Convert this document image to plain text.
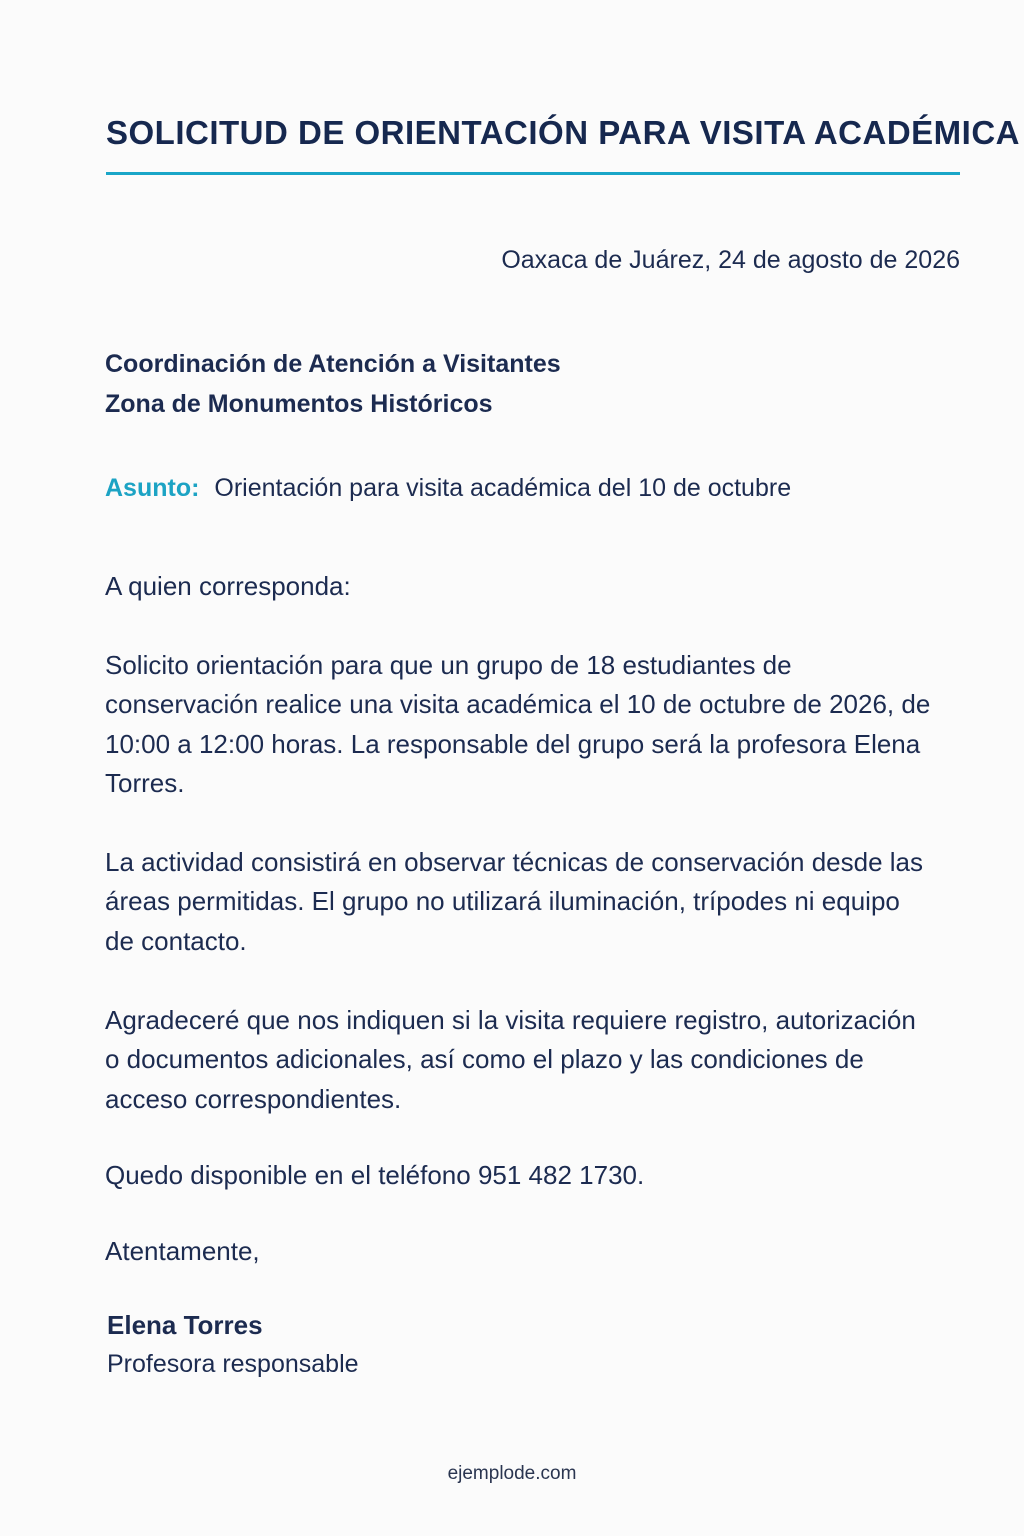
SOLICITUD DE ORIENTACIÓN PARA VISITA ACADÉMICA
Oaxaca de Juárez, 24 de agosto de 2026
Coordinación de Atención a Visitantes
Zona de Monumentos Históricos
Asunto: Orientación para visita académica del 10 de octubre

A quien corresponda:

Solicito orientación para que un grupo de 18 estudiantes de conservación realice una visita académica el 10 de octubre de 2026, de 10:00 a 12:00 horas. La responsable del grupo será la profesora Elena Torres.

La actividad consistirá en observar técnicas de conservación desde las áreas permitidas. El grupo no utilizará iluminación, trípodes ni equipo de contacto.

Agradeceré que nos indiquen si la visita requiere registro, autorización o documentos adicionales, así como el plazo y las condiciones de acceso correspondientes.

Quedo disponible en el teléfono 951 482 1730.

Atentamente,

Elena Torres
Profesora responsable
ejemplode.com
